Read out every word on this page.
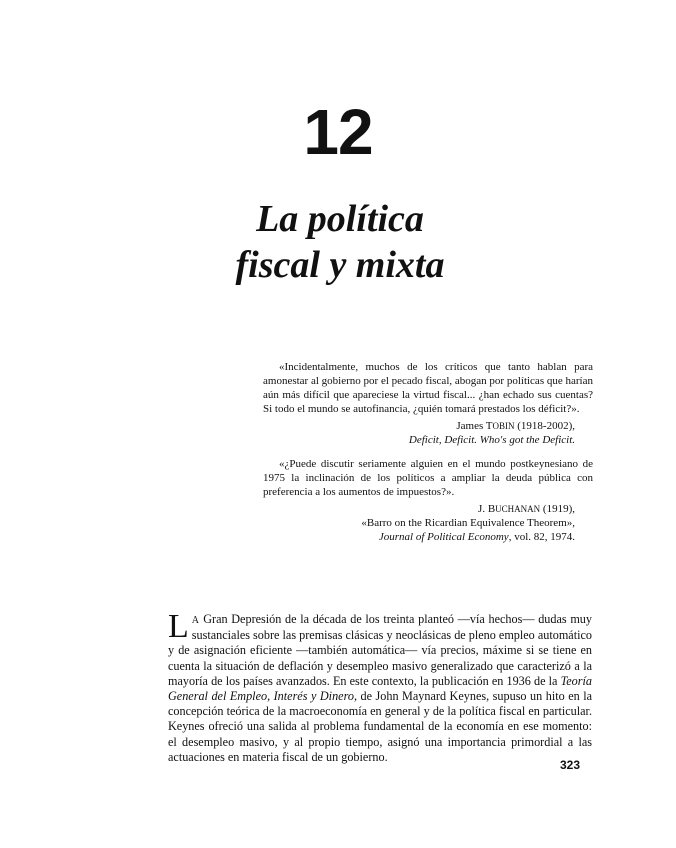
12
La política
fiscal y mixta

«Incidentalmente, muchos de los críticos que tanto hablan para amonestar al gobierno por el pecado fiscal, abogan por políticas que harían aún más difícil que apareciese la virtud fiscal... ¿han echado sus cuentas? Si todo el mundo se autofinancia, ¿quién tomará prestados los déficit?».

James TOBIN (1918-2002),

Deficit, Deficit. Who's got the Deficit.

«¿Puede discutir seriamente alguien en el mundo postkeynesiano de 1975 la inclinación de los políticos a ampliar la deuda pública con preferencia a los aumentos de impuestos?».

J. BUCHANAN (1919),

«Barro on the Ricardian Equivalence Theorem»,

Journal of Political Economy, vol. 82, 1974.

L A Gran Depresión de la década de los treinta planteó —vía hechos— dudas muy sustanciales sobre las premisas clásicas y neoclásicas de pleno empleo automático y de asignación eficiente —también automática— vía precios, máxime si se tiene en cuenta la situación de deflación y desempleo masivo generalizado que caracterizó a la mayoría de los países avanzados. En este contexto, la publicación en 1936 de la Teoría General del Empleo, Interés y Dinero, de John Maynard Keynes, supuso un hito en la concepción teórica de la macroeconomía en general y de la política fiscal en particular. Keynes ofreció una salida al problema fundamental de la economía en ese momento: el desempleo masivo, y al propio tiempo, asignó una importancia primordial a las actuaciones en materia fiscal de un gobierno.

323
